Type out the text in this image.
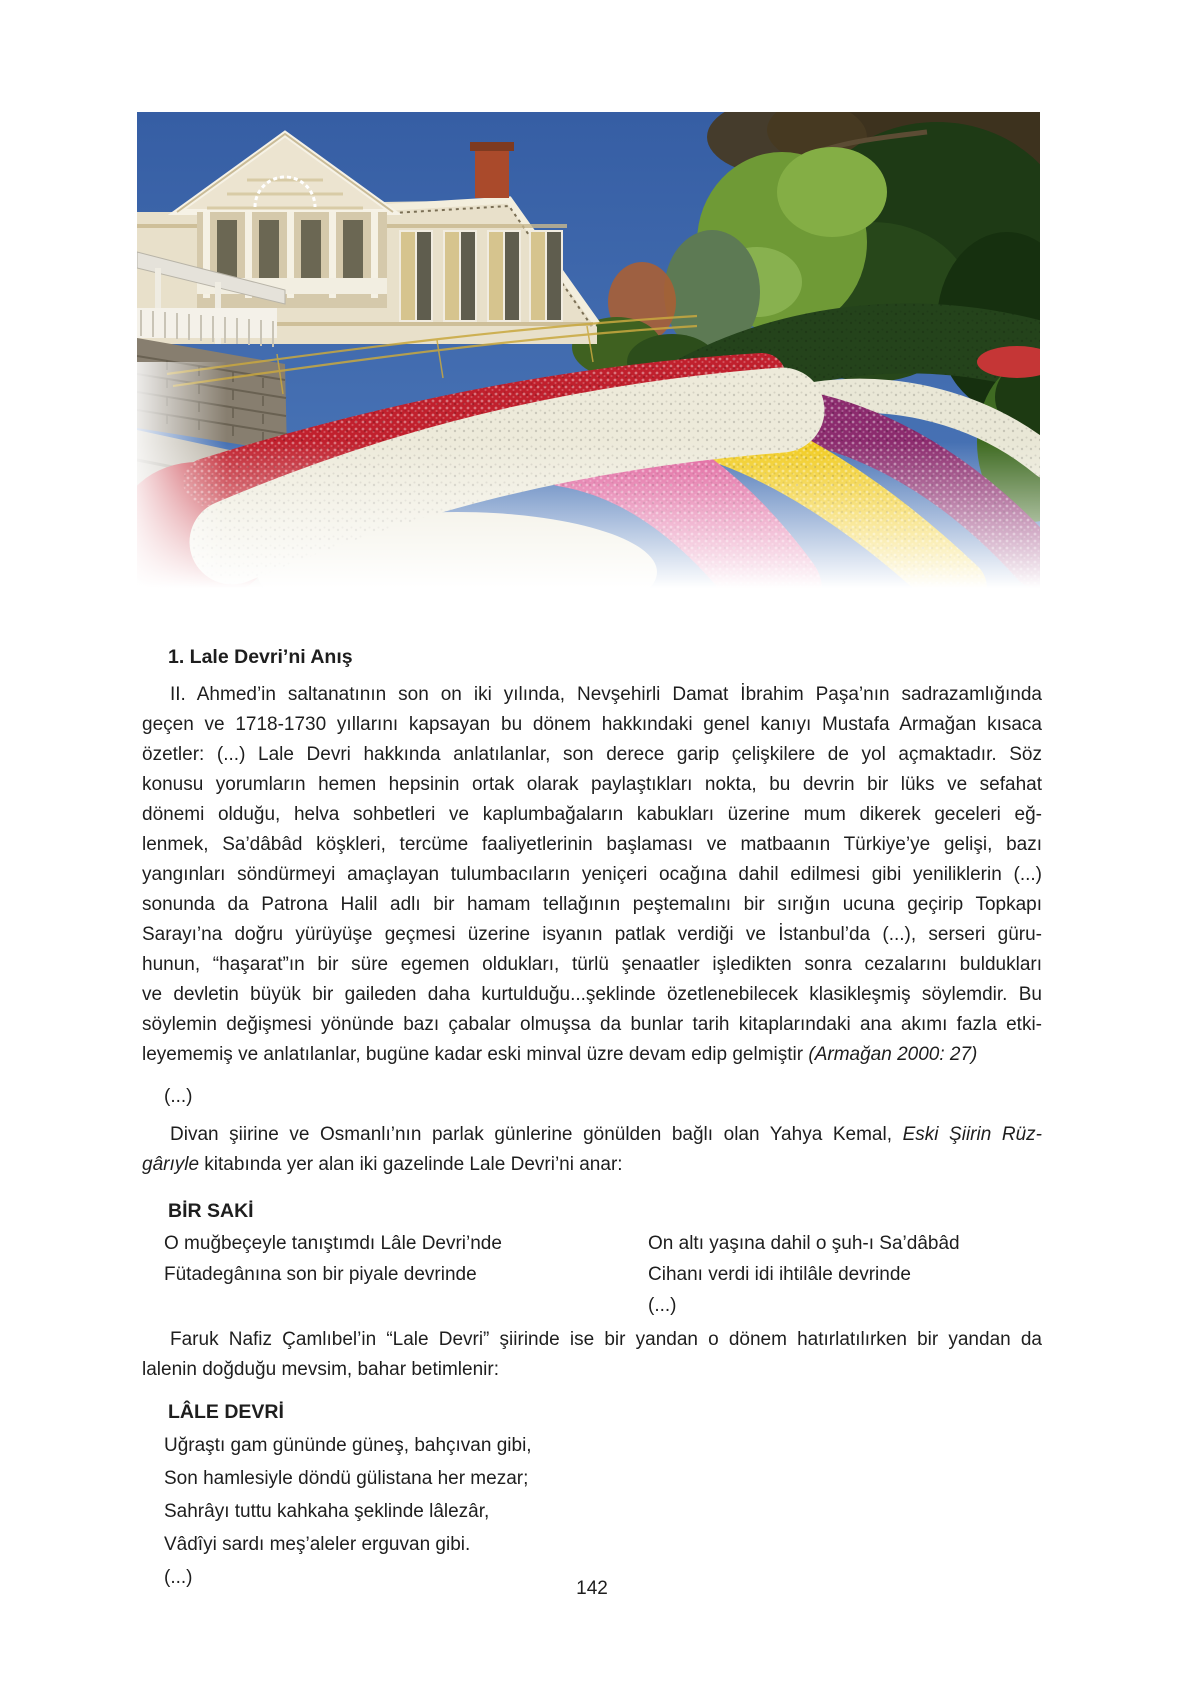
1. Lale Devri’ni Anış
II. Ahmed’in saltanatının son on iki yılında, Nevşehirli Damat İbrahim Paşa’nın sadrazamlığında
geçen ve 1718-1730 yıllarını kapsayan bu dönem hakkındaki genel kanıyı Mustafa Armağan kısaca
özetler: (...) Lale Devri hakkında anlatılanlar, son derece garip çelişkilere de yol açmaktadır. Söz
konusu yorumların hemen hepsinin ortak olarak paylaştıkları nokta, bu devrin bir lüks ve sefahat
dönemi olduğu, helva sohbetleri ve kaplumbağaların kabukları üzerine mum dikerek geceleri eğ-
lenmek, Sa’dâbâd köşkleri, tercüme faaliyetlerinin başlaması ve matbaanın Türkiye’ye gelişi, bazı
yangınları söndürmeyi amaçlayan tulumbacıların yeniçeri ocağına dahil edilmesi gibi yeniliklerin (...)
sonunda da Patrona Halil adlı bir hamam tellağının peştemalını bir sırığın ucuna geçirip Topkapı
Sarayı’na doğru yürüyüşe geçmesi üzerine isyanın patlak verdiği ve İstanbul’da (...), serseri güru-
hunun, “haşarat”ın bir süre egemen oldukları, türlü şenaatler işledikten sonra cezalarını buldukları
ve devletin büyük bir gaileden daha kurtulduğu...şeklinde özetlenebilecek klasikleşmiş söylemdir. Bu
söylemin değişmesi yönünde bazı çabalar olmuşsa da bunlar tarih kitaplarındaki ana akımı fazla etki-
leyememiş ve anlatılanlar, bugüne kadar eski minval üzre devam edip gelmiştir (Armağan 2000: 27)
(...)
Divan şiirine ve Osmanlı’nın parlak günlerine gönülden bağlı olan Yahya Kemal, Eski Şiirin Rüz-
gârıyle kitabında yer alan iki gazelinde Lale Devri’ni anar:
BİR SAKİ
O muğbeçeyle tanıştımdı Lâle Devri’nde
Fütadegânına son bir piyale devrinde
On altı yaşına dahil o şuh-ı Sa’dâbâd
Cihanı verdi idi ihtilâle devrinde
(...)
Faruk Nafiz Çamlıbel’in “Lale Devri” şiirinde ise bir yandan o dönem hatırlatılırken bir yandan da
lalenin doğduğu mevsim, bahar betimlenir:
LÂLE DEVRİ
Uğraştı gam gününde güneş, bahçıvan gibi,
Son hamlesiyle döndü gülistana her mezar;
Sahrâyı tuttu kahkaha şeklinde lâlezâr,
Vâdîyi sardı meş’aleler erguvan gibi.
(...)
142
